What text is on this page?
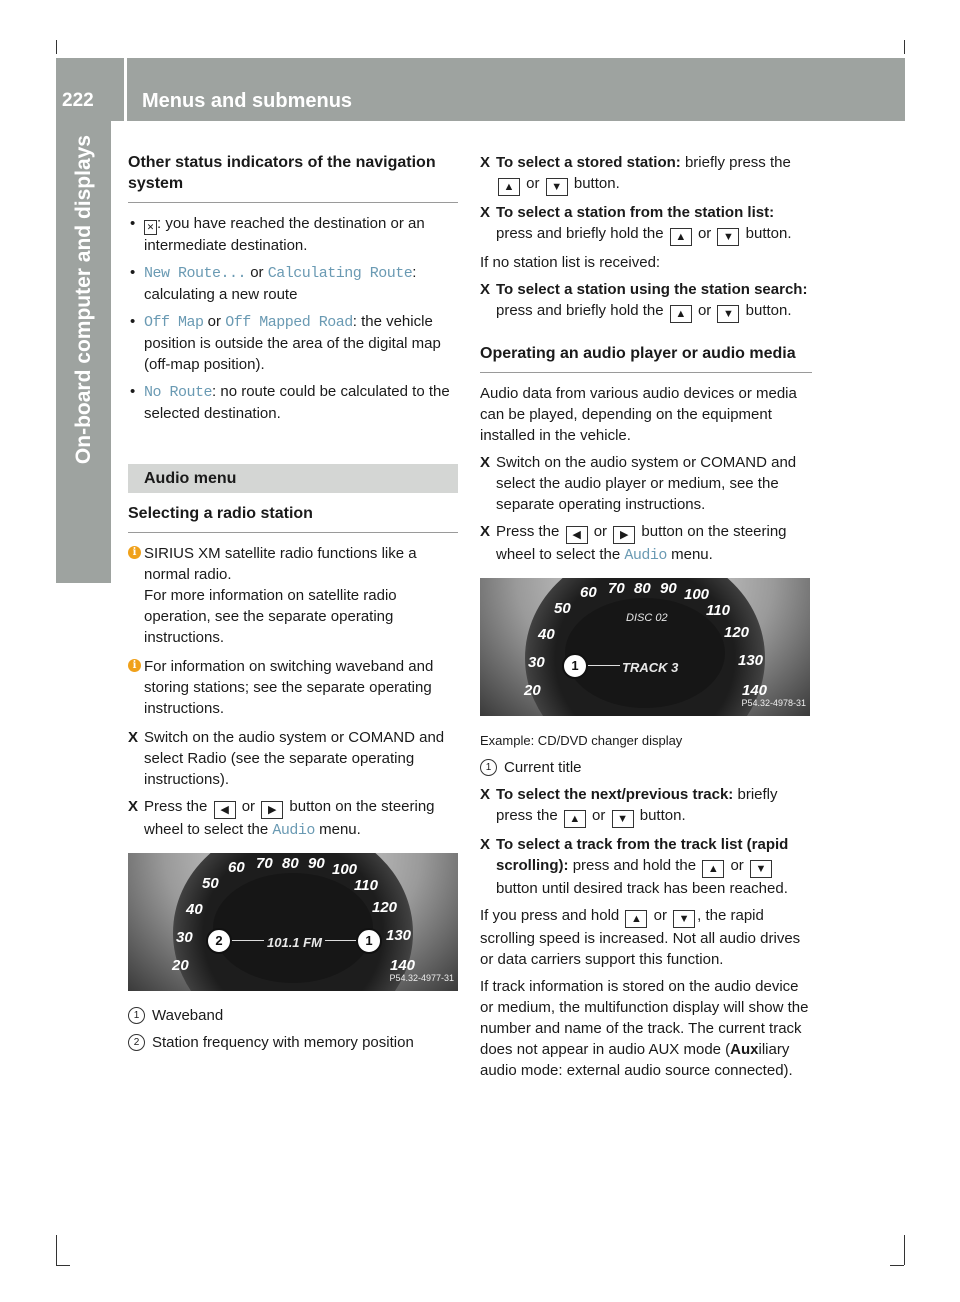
222 Menus and submenus
On-board computer and displays Other status indicators of the navigation system

• ✕ : you have reached the destination or an intermediate destination.
• New Route... or Calculating Route: calculating a new route
• Off Map or Off Mapped Road: the vehicle position is outside the area of the digital map (off-map position).
• No Route: no route could be calculated to the selected destination.
Audio menu

Selecting a radio station

i SIRIUS XM satellite radio functions like a normal radio.
For more information on satellite radio operation, see the separate operating instructions.
i For information on switching waveband and storing stations; see the separate operating instructions.
X Switch on the audio system or COMAND and select Radio (see the separate operating instructions).
X Press the ◀ or ▶ button on the steering wheel to select the Audio menu.
60 70 80 90 100
110
120
130
140
50
40
30
20
101.1 FM
2	1
P54.32-4977-31
1 Waveband
2 Station frequency with memory position
X To select a stored station: briefly press the ▲ or ▼ button.
X To select a station from the station list: press and briefly hold the ▲ or ▼ button.

If no station list is received:

X To select a station using the station search: press and briefly hold the ▲ or ▼ button.

Operating an audio player or audio media

Audio data from various audio devices or media can be played, depending on the equipment installed in the vehicle.

X Switch on the audio system or COMAND and select the audio player or medium, see the separate operating instructions.
X Press the ◀ or ▶ button on the steering wheel to select the Audio menu.
60 70 80 90 100
110
120
130
140
50
40
30
20
DISC 02
TRACK 3
1
P54.32-4978-31

Example: CD/DVD changer display

1 Current title
X To select the next/previous track: briefly press the ▲ or ▼ button.
X To select a track from the track list (rapid scrolling): press and hold the ▲ or ▼ button until desired track has been reached.

If you press and hold ▲ or ▼ , the rapid scrolling speed is increased. Not all audio drives or data carriers support this function.

If track information is stored on the audio device or medium, the multifunction display will show the number and name of the track. The current track does not appear in audio AUX mode (Auxiliary audio mode: external audio source connected).
